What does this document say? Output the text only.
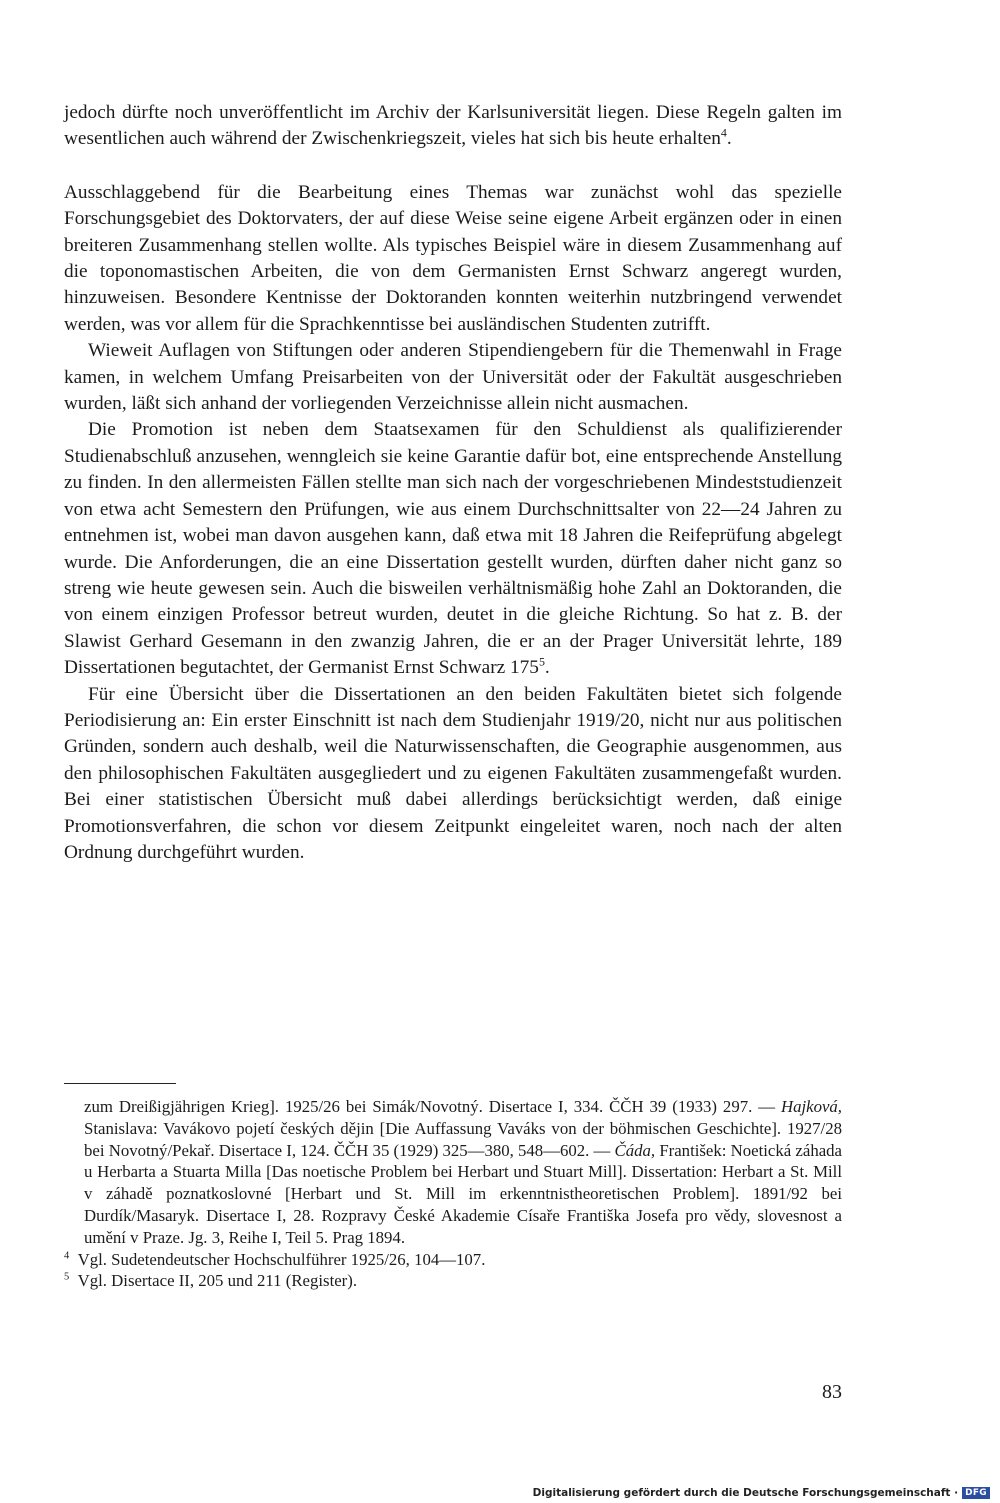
jedoch dürfte noch unveröffentlicht im Archiv der Karlsuniversität liegen. Diese Regeln galten im wesentlichen auch während der Zwischenkriegszeit, vieles hat sich bis heute erhalten$^4$.

Ausschlaggebend für die Bearbeitung eines Themas war zunächst wohl das spezielle Forschungsgebiet des Doktorvaters, der auf diese Weise seine eigene Arbeit ergänzen oder in einen breiteren Zusammenhang stellen wollte. Als typisches Beispiel wäre in diesem Zusammenhang auf die toponomastischen Arbeiten, die von dem Germanisten Ernst Schwarz angeregt wurden, hinzuweisen. Besondere Kentnisse der Doktoranden konnten weiterhin nutzbringend verwendet werden, was vor allem für die Sprachkenntisse bei ausländischen Studenten zutrifft.

Wieweit Auflagen von Stiftungen oder anderen Stipendiengebern für die Themenwahl in Frage kamen, in welchem Umfang Preisarbeiten von der Universität oder der Fakultät ausgeschrieben wurden, läßt sich anhand der vorliegenden Verzeichnisse allein nicht ausmachen.

Die Promotion ist neben dem Staatsexamen für den Schuldienst als qualifizierender Studienabschluß anzusehen, wenngleich sie keine Garantie dafür bot, eine entsprechende Anstellung zu finden. In den allermeisten Fällen stellte man sich nach der vorgeschriebenen Mindeststudienzeit von etwa acht Semestern den Prüfungen, wie aus einem Durchschnittsalter von 22—24 Jahren zu entnehmen ist, wobei man davon ausgehen kann, daß etwa mit 18 Jahren die Reifeprüfung abgelegt wurde. Die Anforderungen, die an eine Dissertation gestellt wurden, dürften daher nicht ganz so streng wie heute gewesen sein. Auch die bisweilen verhältnismäßig hohe Zahl an Doktoranden, die von einem einzigen Professor betreut wurden, deutet in die gleiche Richtung. So hat z. B. der Slawist Gerhard Gesemann in den zwanzig Jahren, die er an der Prager Universität lehrte, 189 Dissertationen begutachtet, der Germanist Ernst Schwarz $175^5$.

Für eine Übersicht über die Dissertationen an den beiden Fakultäten bietet sich folgende Periodisierung an: Ein erster Einschnitt ist nach dem Studienjahr 1919/20, nicht nur aus politischen Gründen, sondern auch deshalb, weil die Naturwissenschaften, die Geographie ausgenommen, aus den philosophischen Fakultäten ausgegliedert und zu eigenen Fakultäten zusammengefaßt wurden. Bei einer statistischen Übersicht muß dabei allerdings berücksichtigt werden, daß einige Promotionsverfahren, die schon vor diesem Zeitpunkt eingeleitet waren, noch nach der alten Ordnung durchgeführt wurden.

zum Dreißigjährigen Krieg]. 1925/26 bei Simák/Novotný. Disertace I, 334. ČČH 39 (1933) 297. — Hajková, Stanislava: Vavákovo pojetí českých dějin [Die Auffassung Vaváks von der böhmischen Geschichte]. 1927/28 bei Novotný/Pekař. Disertace I, 124. ČČH 35 (1929) 325—380, 548—602. — Čáda, František: Noetická záhada u Herbarta a Stuarta Milla [Das noetische Problem bei Herbart und Stuart Mill]. Dissertation: Herbart a St. Mill v záhadě poznatkoslovné [Herbart und St. Mill im erkenntnistheoretischen Problem]. 1891/92 bei Durdík/Masaryk. Disertace I, 28. Rozpravy České Akademie Císaře Františka Josefa pro vědy, slovesnost a umění v Praze. Jg. 3, Reihe I, Teil 5. Prag 1894.

$^4$ Vgl. Sudetendeutscher Hochschulführer 1925/26, 104—107.

$^5$ Vgl. Disertace II, 205 und 211 (Register).

83
Digitalisierung gefördert durch die Deutsche Forschungsgemeinschaft · DFG
